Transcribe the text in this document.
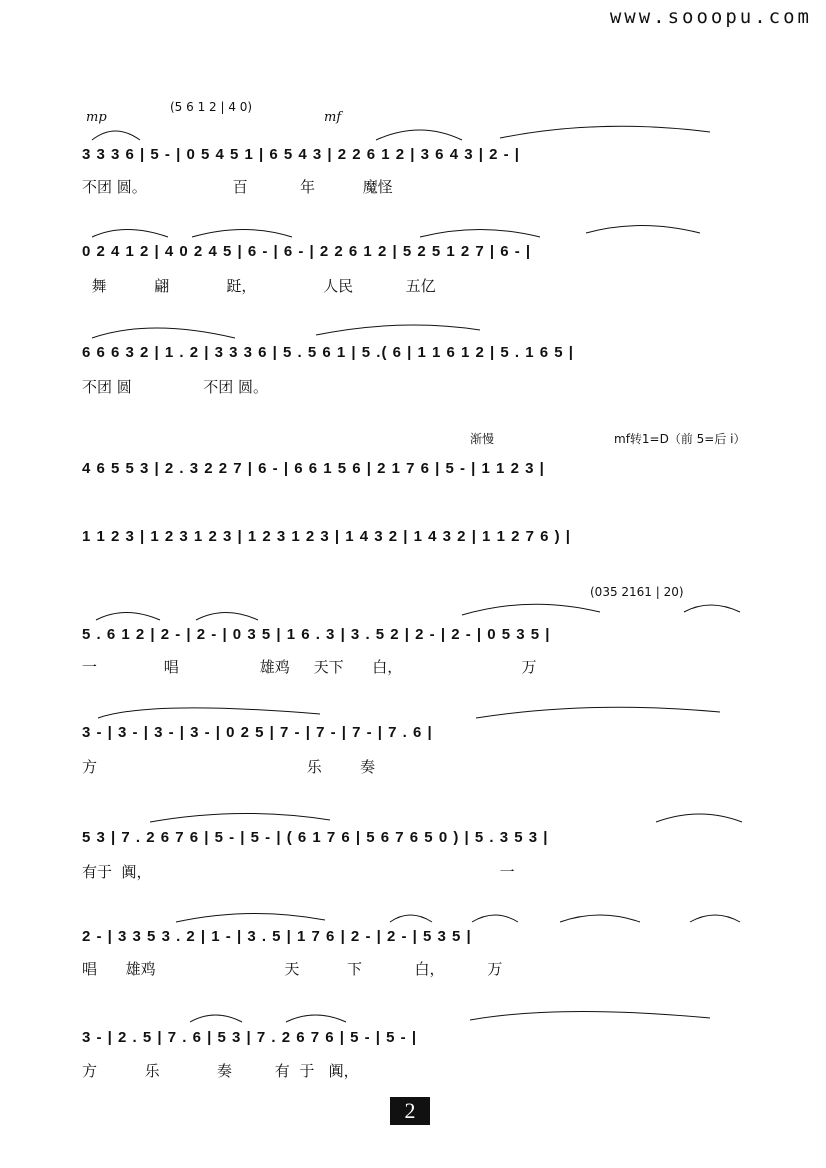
www.sooopu.com
mp
(5 6 1 2 | 4 0)
mf
渐慢	mf转1=D（前 5=后 i）
(035 2161 | 20)
3 3 3 6 | 5 - | 0 5 4 5 1 | 6 5 4 3 | 2 2 6 1 2 | 3 6 4 3 | 2 - |
不团 圆。                  百           年          魔怪
0 2 4 1 2 | 4 0 2 4 5 | 6 - | 6 - | 2 2 6 1 2 | 5 2 5 1 2 7 | 6 - |
舞          翩            跹，              人民           五亿
6 6 6 3 2 | 1 . 2 | 3 3 3 6 | 5 . 5 6 1 | 5 .( 6 | 1 1 6 1 2 | 5 . 1 6 5 |
不团 圆               不团 圆。
4 6 5 5 3 | 2 . 3 2 2 7 | 6 - | 6 6 1 5 6 | 2 1 7 6 | 5 - | 1 1 2 3 |
1 1 2 3 | 1 2 3 1 2 3 | 1 2 3 1 2 3 | 1 4 3 2 | 1 4 3 2 | 1 1 2 7 6 ) |
5 . 6 1 2 | 2 - | 2 - | 0 3 5 | 1 6 . 3 | 3 . 5 2 | 2 - | 2 - | 0 5 3 5 |
一              唱                 雄鸡     天下      白，                         万
3 - | 3 - | 3 - | 3 - | 0 2 5 | 7 - | 7 - | 7 - | 7 . 6 |
方                                            乐        奏
5 3 | 7 . 2 6 7 6 | 5 - | 5 - | ( 6 1 7 6 | 5 6 7 6 5 0 ) | 5 . 3 5 3 |
有于  阗，                                                                         一
2 - | 3 3 5 3 . 2 | 1 - | 3 . 5 | 1 7 6 | 2 - | 2 - | 5 3 5 |
唱      雄鸡                           天          下           白，         万
3 - | 2 . 5 | 7 . 6 | 5 3 | 7 . 2 6 7 6 | 5 - | 5 - |
方          乐            奏         有  于   阗，
2
